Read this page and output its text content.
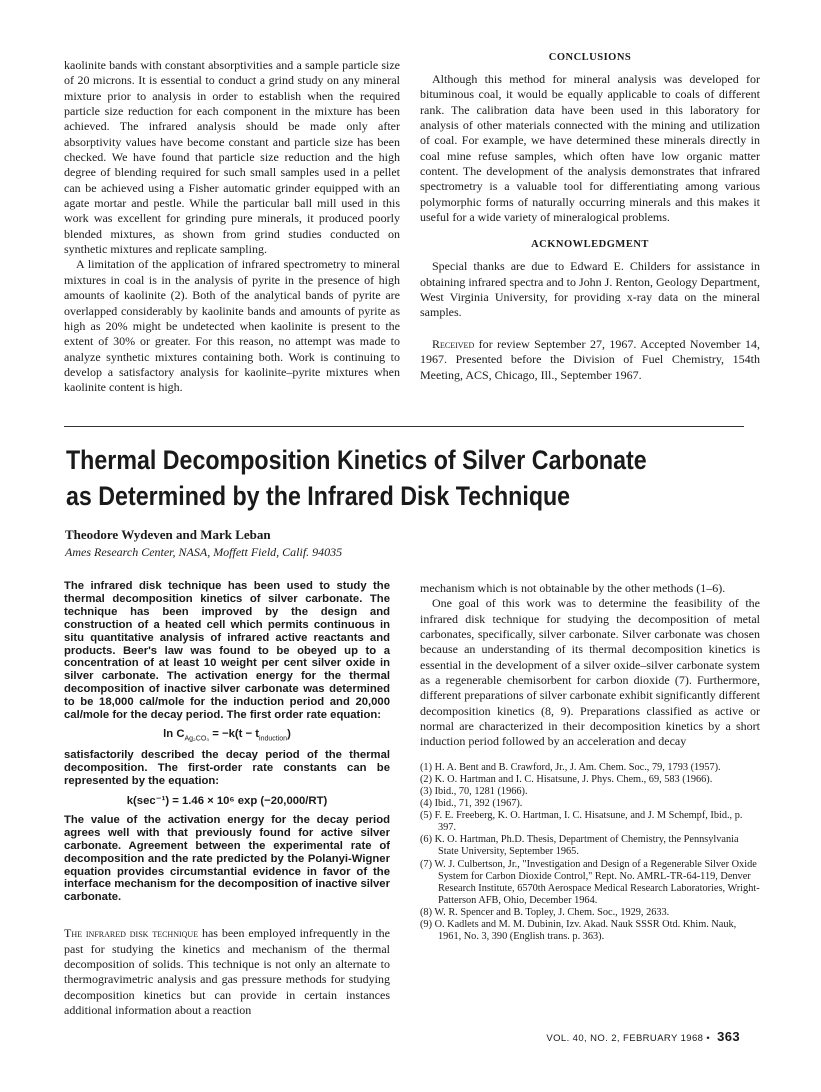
kaolinite bands with constant absorptivities and a sample particle size of 20 microns. It is essential to conduct a grind study on any mineral mixture prior to analysis in order to establish when the required particle size reduction for each component in the mixture has been achieved. The infrared analysis should be made only after absorptivity values have become constant and particle size has been checked. We have found that particle size reduction and the high degree of blending required for such small samples used in a pellet can be achieved using a Fisher automatic grinder equipped with an agate mortar and pestle. While the particular ball mill used in this work was excellent for grinding pure minerals, it produced poorly blended mixtures, as shown from grind studies conducted on synthetic mixtures and replicate sampling.

A limitation of the application of infrared spectrometry to mineral mixtures in coal is in the analysis of pyrite in the presence of high amounts of kaolinite (2). Both of the analytical bands of pyrite are overlapped considerably by kaolinite bands and amounts of pyrite as high as 20% might be undetected when kaolinite is present to the extent of 30% or greater. For this reason, no attempt was made to analyze synthetic mixtures containing both. Work is continuing to develop a satisfactory analysis for kaolinite–pyrite mixtures when kaolinite content is high.

CONCLUSIONS

Although this method for mineral analysis was developed for bituminous coal, it would be equally applicable to coals of different rank. The calibration data have been used in this laboratory for analysis of other materials connected with the mining and utilization of coal. For example, we have determined these minerals directly in coal mine refuse samples, which often have low organic matter content. The development of the analysis demonstrates that infrared spectrometry is a valuable tool for differentiating among various polymorphic forms of naturally occurring minerals and this makes it useful for a wide variety of mineralogical problems.

ACKNOWLEDGMENT

Special thanks are due to Edward E. Childers for assistance in obtaining infrared spectra and to John J. Renton, Geology Department, West Virginia University, for providing x-ray data on the mineral samples.

Received for review September 27, 1967. Accepted November 14, 1967. Presented before the Division of Fuel Chemistry, 154th Meeting, ACS, Chicago, Ill., September 1967.

Thermal Decomposition Kinetics of Silver Carbonate
as Determined by the Infrared Disk Technique
Theodore Wydeven and Mark Leban
Ames Research Center, NASA, Moffett Field, Calif. 94035

The infrared disk technique has been used to study the thermal decomposition kinetics of silver carbonate. The technique has been improved by the design and construction of a heated cell which permits continuous in situ quantitative analysis of infrared active reactants and products. Beer's law was found to be obeyed up to a concentration of at least 10 weight per cent silver oxide in silver carbonate. The activation energy for the thermal decomposition of inactive silver carbonate was determined to be 18,000 cal/mole for the induction period and 20,000 cal/mole for the decay period. The first order rate equation:

$\ln C_{Ag_2CO_3} = -k(t - t_{induction})$

satisfactorily described the decay period of the thermal decomposition. The first-order rate constants can be represented by the equation:

k(sec⁻¹) = 1.46 × 10⁶ exp (−20,000/RT)

The value of the activation energy for the decay period agrees well with that previously found for active silver carbonate. Agreement between the experimental rate of decomposition and the rate predicted by the Polanyi-Wigner equation provides circumstantial evidence in favor of the interface mechanism for the decomposition of inactive silver carbonate.

The infrared disk technique has been employed infrequently in the past for studying the kinetics and mechanism of the thermal decomposition of solids. This technique is not only an alternate to thermogravimetric analysis and gas pressure methods for studying decomposition kinetics but can provide in certain instances additional information about a reaction

mechanism which is not obtainable by the other methods (1–6).

One goal of this work was to determine the feasibility of the infrared disk technique for studying the decomposition of metal carbonates, specifically, silver carbonate. Silver carbonate was chosen because an understanding of its thermal decomposition kinetics is essential in the development of a silver oxide–silver carbonate system as a regenerable chemisorbent for carbon dioxide (7). Furthermore, different preparations of silver carbonate exhibit significantly different decomposition kinetics (8, 9). Preparations classified as active or normal are characterized in their decomposition kinetics by a short induction period followed by an acceleration and decay

(1) H. A. Bent and B. Crawford, Jr., J. Am. Chem. Soc., 79, 1793 (1957).
(2) K. O. Hartman and I. C. Hisatsune, J. Phys. Chem., 69, 583 (1966).
(3) Ibid., 70, 1281 (1966).
(4) Ibid., 71, 392 (1967).
(5) F. E. Freeberg, K. O. Hartman, I. C. Hisatsune, and J. M Schempf, Ibid., p. 397.
(6) K. O. Hartman, Ph.D. Thesis, Department of Chemistry, the Pennsylvania State University, September 1965.
(7) W. J. Culbertson, Jr., "Investigation and Design of a Regenerable Silver Oxide System for Carbon Dioxide Control," Rept. No. AMRL-TR-64-119, Denver Research Institute, 6570th Aerospace Medical Research Laboratories, Wright-Patterson AFB, Ohio, December 1964.
(8) W. R. Spencer and B. Topley, J. Chem. Soc., 1929, 2633.
(9) O. Kadlets and M. M. Dubinin, Izv. Akad. Nauk SSSR Otd. Khim. Nauk, 1961, No. 3, 390 (English trans. p. 363).
VOL. 40, NO. 2, FEBRUARY 1968 • 363
